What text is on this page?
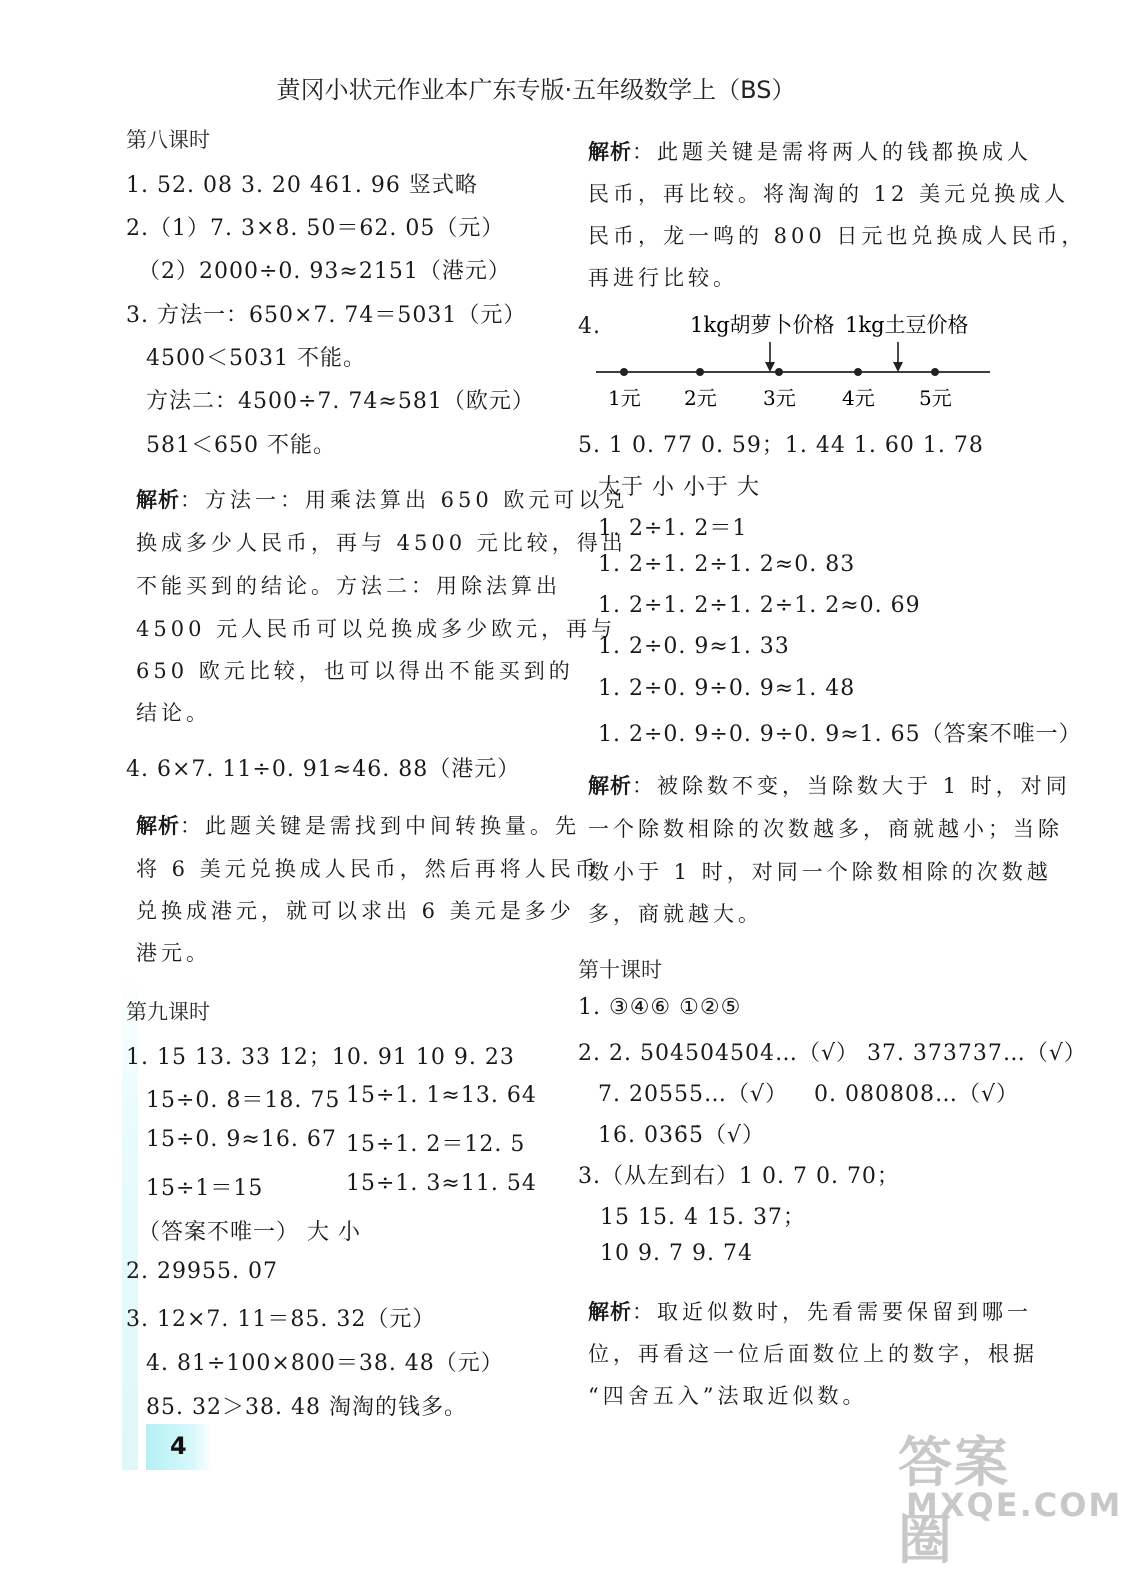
黄冈小状元作业本广东专版·五年级数学上（BS）
第八课时
1. 52. 08 3. 20 461. 96 竖式略
2.（1）7. 3×8. 50＝62. 05（元）
（2）2000÷0. 93≈2151（港元）
3. 方法一：650×7. 74＝5031（元）
4500＜5031 不能。
方法二：4500÷7. 74≈581（欧元）
581＜650 不能。
解析：方法一：用乘法算出 650 欧元可以兑
换成多少人民币，再与 4500 元比较，得出
不能买到的结论。方法二：用除法算出
4500 元人民币可以兑换成多少欧元，再与
650 欧元比较，也可以得出不能买到的
结论。
4. 6×7. 11÷0. 91≈46. 88（港元）
解析：此题关键是需找到中间转换量。先
将 6 美元兑换成人民币，然后再将人民币
兑换成港元，就可以求出 6 美元是多少
港元。
第九课时
1. 15 13. 33 12；10. 91 10 9. 23
15÷0. 8＝18. 75 15÷1. 1≈13. 64
15÷0. 9≈16. 67 15÷1. 2＝12. 5
15÷1＝15	15÷1. 3≈11. 54
（答案不唯一） 大 小
2. 29955. 07
3. 12×7. 11＝85. 32（元）
4. 81÷100×800＝38. 48（元）
85. 32＞38. 48 淘淘的钱多。
解析：此题关键是需将两人的钱都换成人
民币，再比较。将淘淘的 12 美元兑换成人
民币，龙一鸣的 800 日元也兑换成人民币，
再进行比较。
4.	1kg胡萝卜价格 1kg土豆价格
1元 2元 3元 4元 5元
5. 1 0. 77 0. 59；1. 44 1. 60 1. 78
大于 小 小于 大
1. 2÷1. 2＝1
1. 2÷1. 2÷1. 2≈0. 83
1. 2÷1. 2÷1. 2÷1. 2≈0. 69
1. 2÷0. 9≈1. 33
1. 2÷0. 9÷0. 9≈1. 48
1. 2÷0. 9÷0. 9÷0. 9≈1. 65（答案不唯一）
解析：被除数不变，当除数大于 1 时，对同
一个除数相除的次数越多，商就越小；当除
数小于 1 时，对同一个除数相除的次数越
多，商就越大。
第十课时
1. ③④⑥ ①②⑤
2. 2. 504504504…（√） 37. 373737…（√）
7. 20555…（√） 0. 080808…（√）
16. 036̇5̇（√）
3.（从左到右）1 0. 7 0. 70；
15 15. 4 15. 37；
10 9. 7 9. 74
解析：取近似数时，先看需要保留到哪一
位，再看这一位后面数位上的数字，根据
“四舍五入”法取近似数。
4	答案圈
MXQE.COM
